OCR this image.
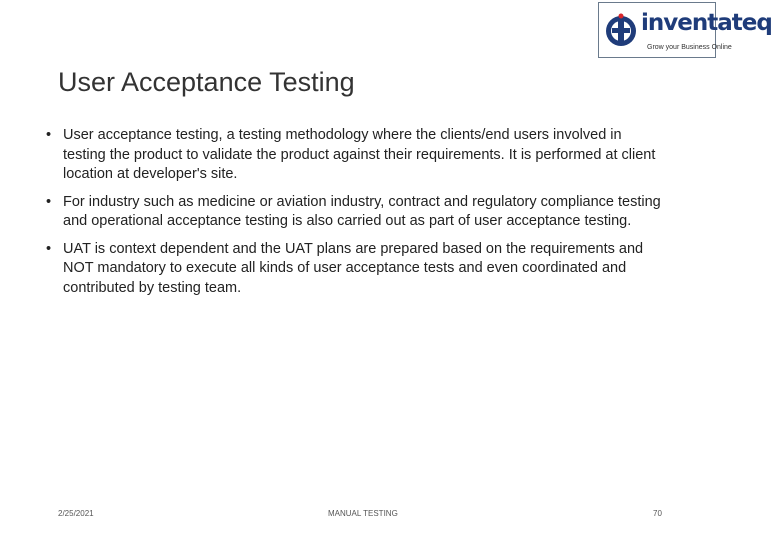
inventateq
Grow your Business Online
User Acceptance Testing
• User acceptance testing, a testing methodology where the clients/end users involved in testing the product to validate the product against their requirements. It is performed at client location at developer's site.
• For industry such as medicine or aviation industry, contract and regulatory compliance testing and operational acceptance testing is also carried out as part of user acceptance testing.
• UAT is context dependent and the UAT plans are prepared based on the requirements and NOT mandatory to execute all kinds of user acceptance tests and even coordinated and contributed by testing team.
2/25/2021	MANUAL TESTING	70
